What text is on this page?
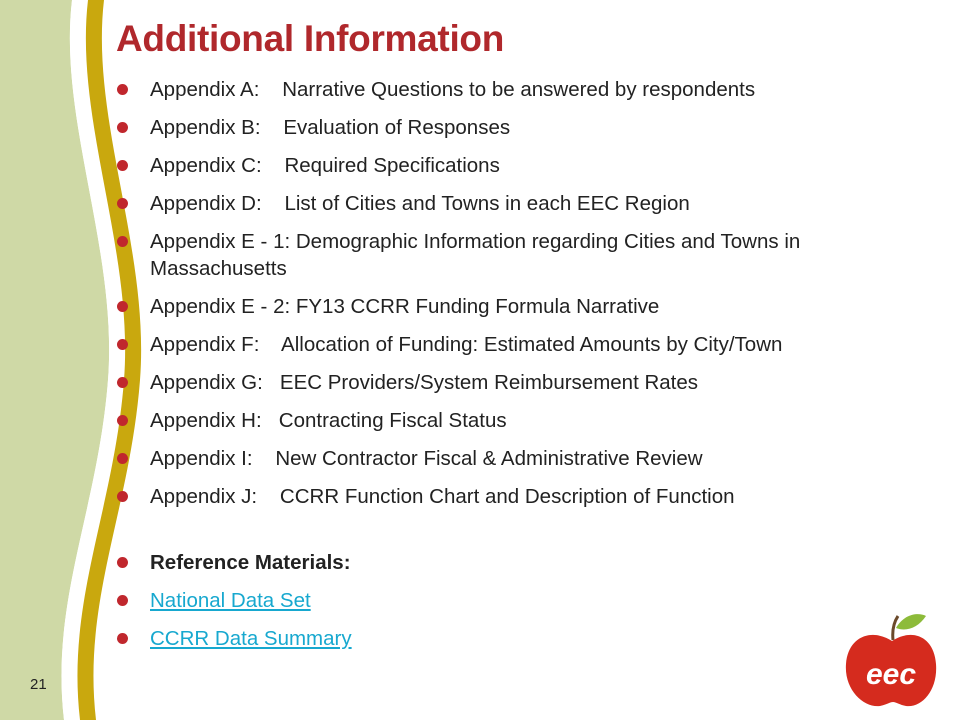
eec
Additional Information
Appendix A:    Narrative Questions to be answered by respondents
Appendix B:    Evaluation of Responses
Appendix C:    Required Specifications
Appendix D:    List of Cities and Towns in each EEC Region
Appendix E - 1: Demographic Information regarding Cities and Towns in Massachusetts
Appendix E - 2: FY13 CCRR Funding Formula Narrative
Appendix F:    Allocation of Funding: Estimated Amounts by City/Town
Appendix G:   EEC Providers/System Reimbursement Rates
Appendix H:   Contracting Fiscal Status
Appendix I:    New Contractor Fiscal & Administrative Review
Appendix J:    CCRR Function Chart and Description of Function
Reference Materials:
National Data Set
CCRR Data Summary
21
